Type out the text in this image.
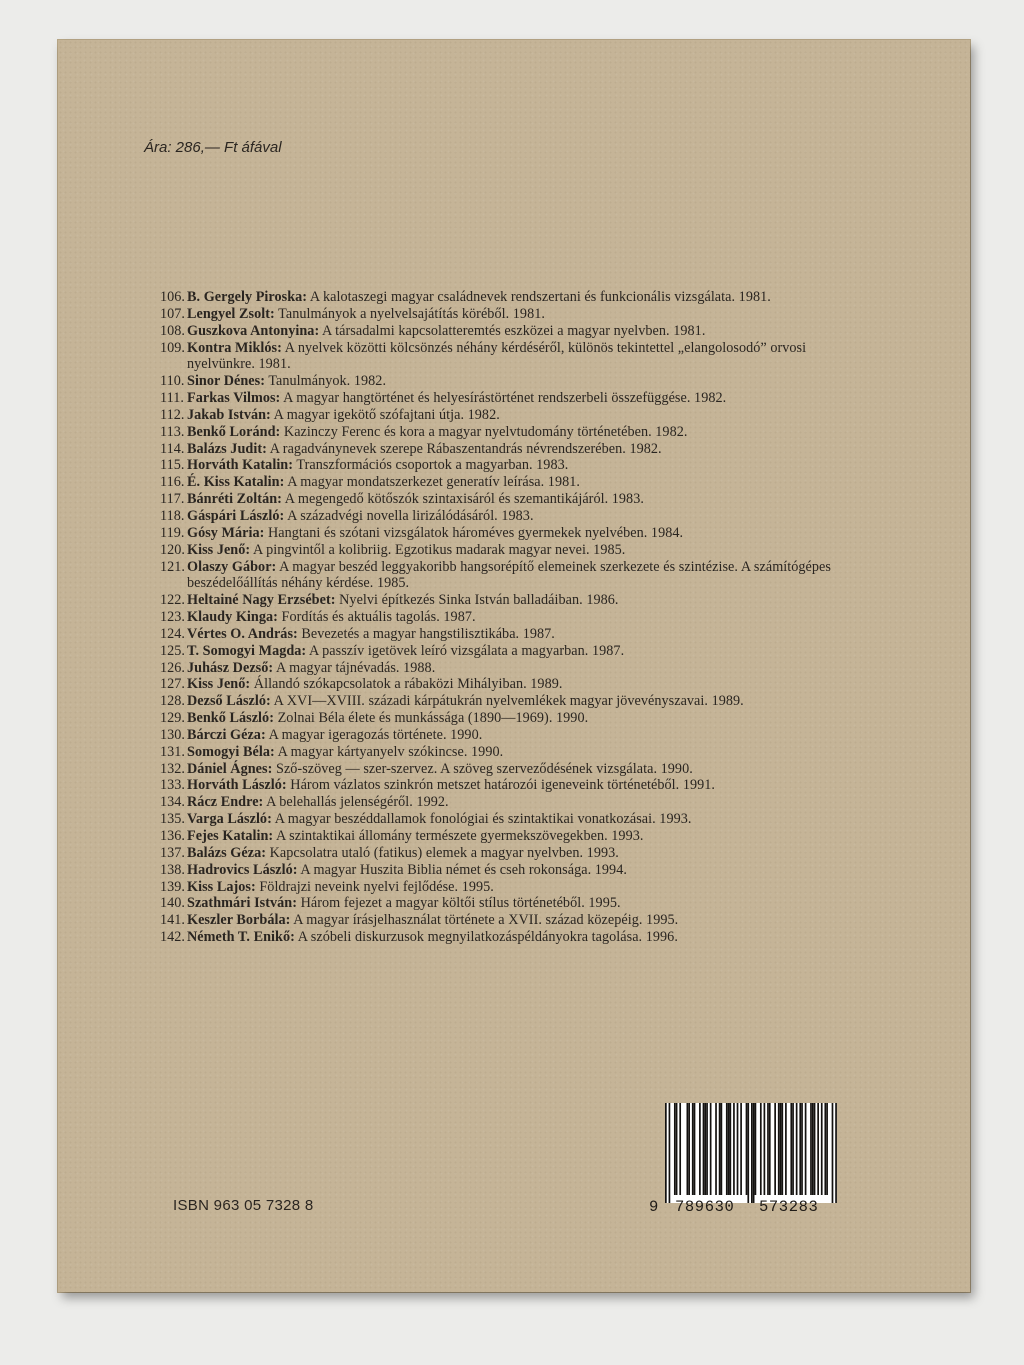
Ára: 286,— Ft áfával
106. B. Gergely Piroska: A kalotaszegi magyar családnevek rendszertani és funkcionális vizsgálata. 1981.
107. Lengyel Zsolt: Tanulmányok a nyelvelsajátítás köréből. 1981.
108. Guszkova Antonyina: A társadalmi kapcsolatteremtés eszközei a magyar nyelvben. 1981.
109. Kontra Miklós: A nyelvek közötti kölcsönzés néhány kérdéséről, különös tekintettel „elangolosodó” orvosi nyelvünkre. 1981.
110. Sinor Dénes: Tanulmányok. 1982.
111. Farkas Vilmos: A magyar hangtörténet és helyesírástörténet rendszerbeli összefüggése. 1982.
112. Jakab István: A magyar igekötő szófajtani útja. 1982.
113. Benkő Loránd: Kazinczy Ferenc és kora a magyar nyelvtudomány történetében. 1982.
114. Balázs Judit: A ragadványnevek szerepe Rábaszentandrás névrendszerében. 1982.
115. Horváth Katalin: Transzformációs csoportok a magyarban. 1983.
116. É. Kiss Katalin: A magyar mondatszerkezet generatív leírása. 1981.
117. Bánréti Zoltán: A megengedő kötőszók szintaxisáról és szemantikájáról. 1983.
118. Gáspári László: A századvégi novella lirizálódásáról. 1983.
119. Gósy Mária: Hangtani és szótani vizsgálatok hároméves gyermekek nyelvében. 1984.
120. Kiss Jenő: A pingvintől a kolibriig. Egzotikus madarak magyar nevei. 1985.
121. Olaszy Gábor: A magyar beszéd leggyakoribb hangsorépítő elemeinek szerkezete és szintézise. A számítógépes beszédelőállítás néhány kérdése. 1985.
122. Heltainé Nagy Erzsébet: Nyelvi építkezés Sinka István balladáiban. 1986.
123. Klaudy Kinga: Fordítás és aktuális tagolás. 1987.
124. Vértes O. András: Bevezetés a magyar hangstilisztikába. 1987.
125. T. Somogyi Magda: A passzív igetövek leíró vizsgálata a magyarban. 1987.
126. Juhász Dezső: A magyar tájnévadás. 1988.
127. Kiss Jenő: Állandó szókapcsolatok a rábaközi Mihályiban. 1989.
128. Dezső László: A XVI—XVIII. századi kárpátukrán nyelvemlékek magyar jövevényszavai. 1989.
129. Benkő László: Zolnai Béla élete és munkássága (1890—1969). 1990.
130. Bárczi Géza: A magyar igeragozás története. 1990.
131. Somogyi Béla: A magyar kártyanyelv szókincse. 1990.
132. Dániel Ágnes: Sző-szöveg — szer-szervez. A szöveg szerveződésének vizsgálata. 1990.
133. Horváth László: Három vázlatos szinkrón metszet határozói igeneveink történetéből. 1991.
134. Rácz Endre: A belehallás jelenségéről. 1992.
135. Varga László: A magyar beszéddallamok fonológiai és szintaktikai vonatkozásai. 1993.
136. Fejes Katalin: A szintaktikai állomány természete gyermekszövegekben. 1993.
137. Balázs Géza: Kapcsolatra utaló (fatikus) elemek a magyar nyelvben. 1993.
138. Hadrovics László: A magyar Huszita Biblia német és cseh rokonsága. 1994.
139. Kiss Lajos: Földrajzi neveink nyelvi fejlődése. 1995.
140. Szathmári István: Három fejezet a magyar költői stílus történetéből. 1995.
141. Keszler Borbála: A magyar írásjelhasználat története a XVII. század közepéig. 1995.
142. Németh T. Enikő: A szóbeli diskurzusok megnyilatkozáspéldányokra tagolása. 1996.
ISBN 963 05 7328 8	9 789630 573283
